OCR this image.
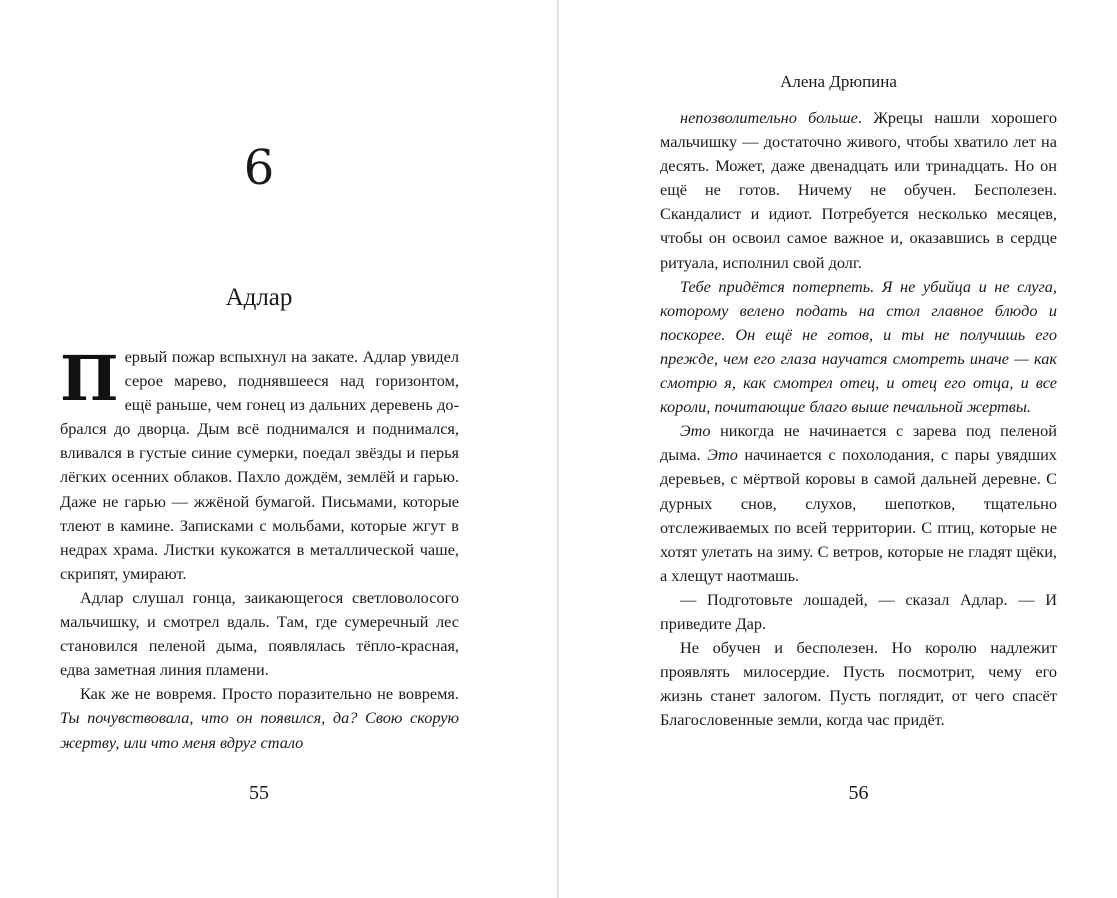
6
Адлар

Первый пожар вспыхнул на закате. Адлар увидел серое марево, поднявшееся над горизонтом, ещё раньше, чем гонец из дальних деревень добрался до дворца. Дым всё поднимался и поднимался, вливался в густые синие сумерки, поедал звёзды и перья лёгких осенних облаков. Пахло дождём, землёй и гарью. Даже не гарью — жжёной бумагой. Письмами, которые тлеют в камине. Записками с мольбами, которые жгут в недрах храма. Листки кукожатся в металлической чаше, скрипят, умирают.

Адлар слушал гонца, заикающегося светловолосого мальчишку, и смотрел вдаль. Там, где сумеречный лес становился пеленой дыма, появлялась тёпло-красная, едва заметная линия пламени.

Как же не вовремя. Просто поразительно не вовремя. Ты почувствовала, что он появился, да? Свою скорую жертву, или что меня вдруг стало

55
Алена Дрюпина

непозволительно больше. Жрецы нашли хорошего мальчишку — достаточно живого, чтобы хватило лет на десять. Может, даже двенадцать или тринадцать. Но он ещё не готов. Ничему не обучен. Бесполезен. Скандалист и идиот. Потребуется несколько месяцев, чтобы он освоил самое важное и, оказавшись в сердце ритуала, исполнил свой долг.

Тебе придётся потерпеть. Я не убийца и не слуга, которому велено подать на стол главное блюдо и поскорее. Он ещё не готов, и ты не получишь его прежде, чем его глаза научатся смотреть иначе — как смотрю я, как смотрел отец, и отец его отца, и все короли, почитающие благо выше печальной жертвы.

Это никогда не начинается с зарева под пеленой дыма. Это начинается с похолодания, с пары увядших деревьев, с мёртвой коровы в самой дальней деревне. С дурных снов, слухов, шепотков, тщательно отслеживаемых по всей территории. С птиц, которые не хотят улетать на зиму. С ветров, которые не гладят щёки, а хлещут наотмашь.

— Подготовьте лошадей, — сказал Адлар. — И приведите Дар.

Не обучен и бесполезен. Но королю надлежит проявлять милосердие. Пусть посмотрит, чему его жизнь станет залогом. Пусть поглядит, от чего спасёт Благословенные земли, когда час придёт.

56
